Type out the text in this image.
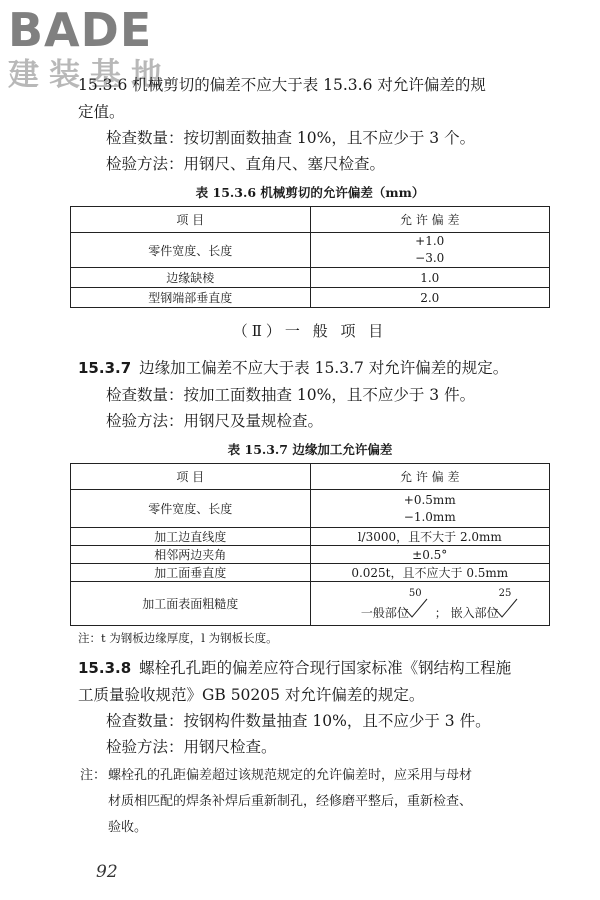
BADE
建装基地

15.3.6 机械剪切的偏差不应大于表 15.3.6 对允许偏差的规

定值。

检查数量：按切割面数抽查 10%，且不应少于 3 个。

检验方法：用钢尺、直角尺、塞尺检查。

表 15.3.6 机械剪切的允许偏差（mm）
项 目	允 许 偏 差
零件宽度、长度	+1.0
−3.0

边缘缺棱	1.0
型钢端部垂直度	2.0
（Ⅱ）一 般 项 目

15.3.7 边缘加工偏差不应大于表 15.3.7 对允许偏差的规定。

检查数量：按加工面数抽查 10%，且不应少于 3 件。

检验方法：用钢尺及量规检查。

表 15.3.7 边缘加工允许偏差
项 目	允 许 偏 差
零件宽度、长度	+0.5mm
−1.0mm

加工边直线度	l/3000，且不大于 2.0mm
相邻两边夹角	±0.5°
加工面垂直度	0.025t，且不应大于 0.5mm
加工面表面粗糙度	一般部位
50
； 嵌入部位
25
注：t 为钢板边缘厚度，l 为钢板长度。

15.3.8 螺栓孔孔距的偏差应符合现行国家标准《钢结构工程施

工质量验收规范》GB 50205 对允许偏差的规定。

检查数量：按钢构件数量抽查 10%，且不应少于 3 件。

检验方法：用钢尺检查。

注： 螺栓孔的孔距偏差超过该规范规定的允许偏差时，应采用与母材
材质相匹配的焊条补焊后重新制孔，经修磨平整后，重新检查、
验收。
92
